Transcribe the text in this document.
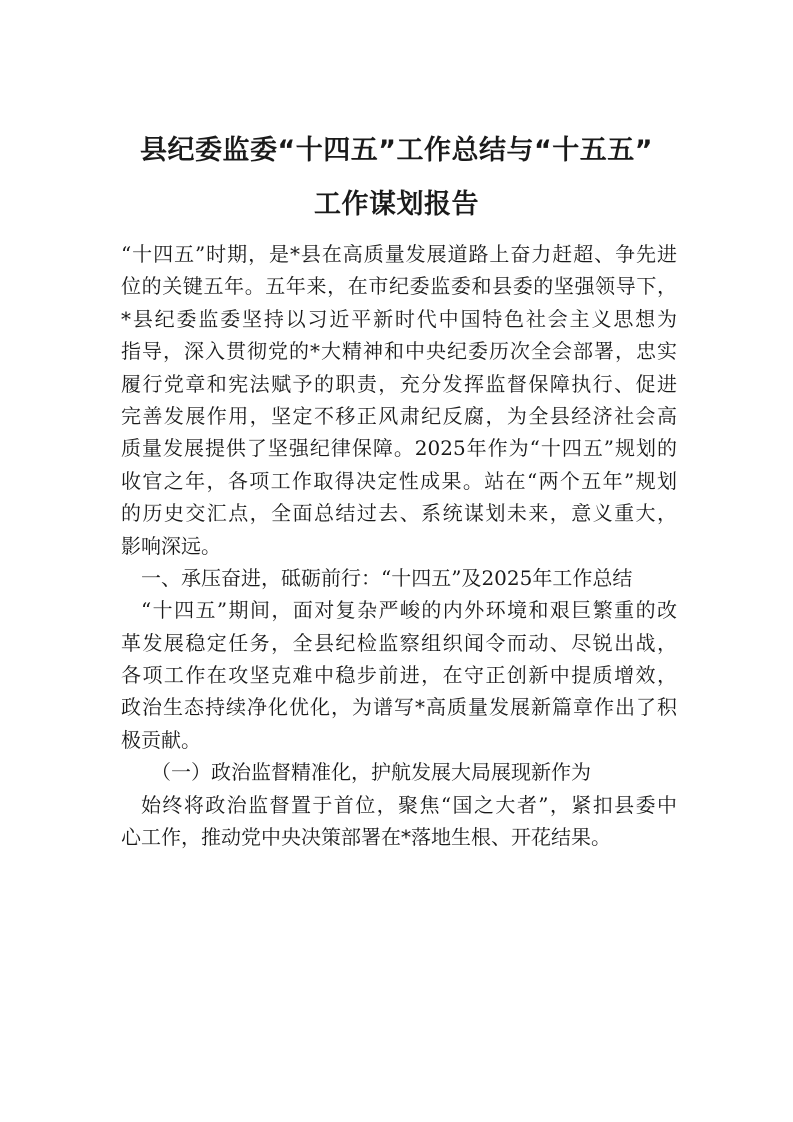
县纪委监委“十四五”工作总结与“十五五”
工作谋划报告
“十四五”时期，是*县在高质量发展道路上奋力赶超、争先进
位的关键五年。五年来，在市纪委监委和县委的坚强领导下，
*县纪委监委坚持以习近平新时代中国特色社会主义思想为
指导，深入贯彻党的*大精神和中央纪委历次全会部署，忠实
履行党章和宪法赋予的职责，充分发挥监督保障执行、促进
完善发展作用，坚定不移正风肃纪反腐，为全县经济社会高
质量发展提供了坚强纪律保障。2025年作为“十四五”规划的
收官之年，各项工作取得决定性成果。站在“两个五年”规划
的历史交汇点，全面总结过去、系统谋划未来，意义重大，
影响深远。
一、承压奋进，砥砺前行：“十四五”及2025年工作总结
“十四五”期间，面对复杂严峻的内外环境和艰巨繁重的改
革发展稳定任务，全县纪检监察组织闻令而动、尽锐出战，
各项工作在攻坚克难中稳步前进，在守正创新中提质增效，
政治生态持续净化优化，为谱写*高质量发展新篇章作出了积
极贡献。
（一）政治监督精准化，护航发展大局展现新作为
始终将政治监督置于首位，聚焦“国之大者”，紧扣县委中
心工作，推动党中央决策部署在*落地生根、开花结果。
